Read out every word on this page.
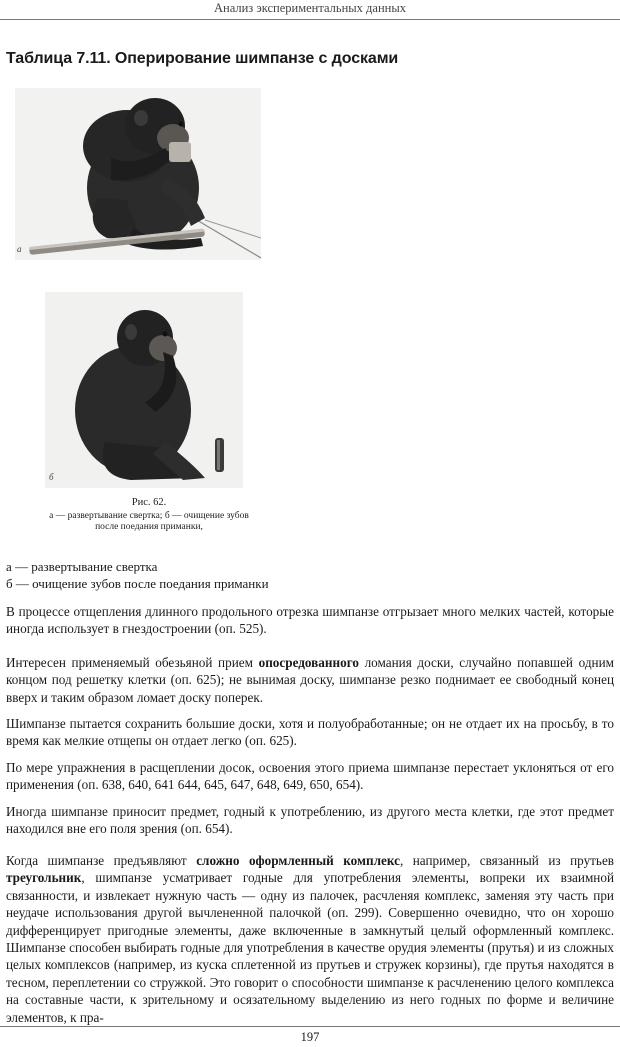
Анализ экспериментальных данных
Таблица 7.11. Оперирование шимпанзе с досками
а
б
Рис. 62.
а — развертывание свертка; б — очищение зубов
после поедания приманки,
а — развертывание свертка
б — очищение зубов после поедания приманки

В процессе отщепления длинного продольного отрезка шимпанзе отгрызает много мелких частей, которые иногда использует в гнездостроении (оп. 525).

Интересен применяемый обезьяной прием опосредованного ломания доски, случайно попавшей одним концом под решетку клетки (оп. 625); не вынимая доску, шимпанзе резко поднимает ее свободный конец вверх и таким образом ломает доску поперек.

Шимпанзе пытается сохранить большие доски, хотя и полуобработанные; он не отдает их на просьбу, в то время как мелкие отщепы он отдает легко (оп. 625).

По мере упражнения в расщеплении досок, освоения этого приема шимпанзе перестает уклоняться от его применения (оп. 638, 640, 641 644, 645, 647, 648, 649, 650, 654).

Иногда шимпанзе приносит предмет, годный к употреблению, из другого места клетки, где этот предмет находился вне его поля зрения (оп. 654).

Когда шимпанзе предъявляют сложно оформленный комплекс, например, связанный из прутьев треугольник, шимпанзе усматривает годные для употребления элементы, вопреки их взаимной связанности, и извлекает нужную часть — одну из палочек, расчленяя комплекс, заменяя эту часть при неудаче использования другой вычлененной палочкой (оп. 299). Совершенно очевидно, что он хорошо дифференцирует пригодные элементы, даже включенные в замкнутый целый оформленный комплекс. Шимпанзе способен выбирать годные для употребления в качестве орудия элементы (прутья) и из сложных целых комплексов (например, из куска сплетенной из прутьев и стружек корзины), где прутья находятся в тесном, переплетении со стружкой. Это говорит о способности шимпанзе к расчленению целого комплекса на составные части, к зрительному и осязательному выделению из него годных по форме и величине элементов, к пра-

197
